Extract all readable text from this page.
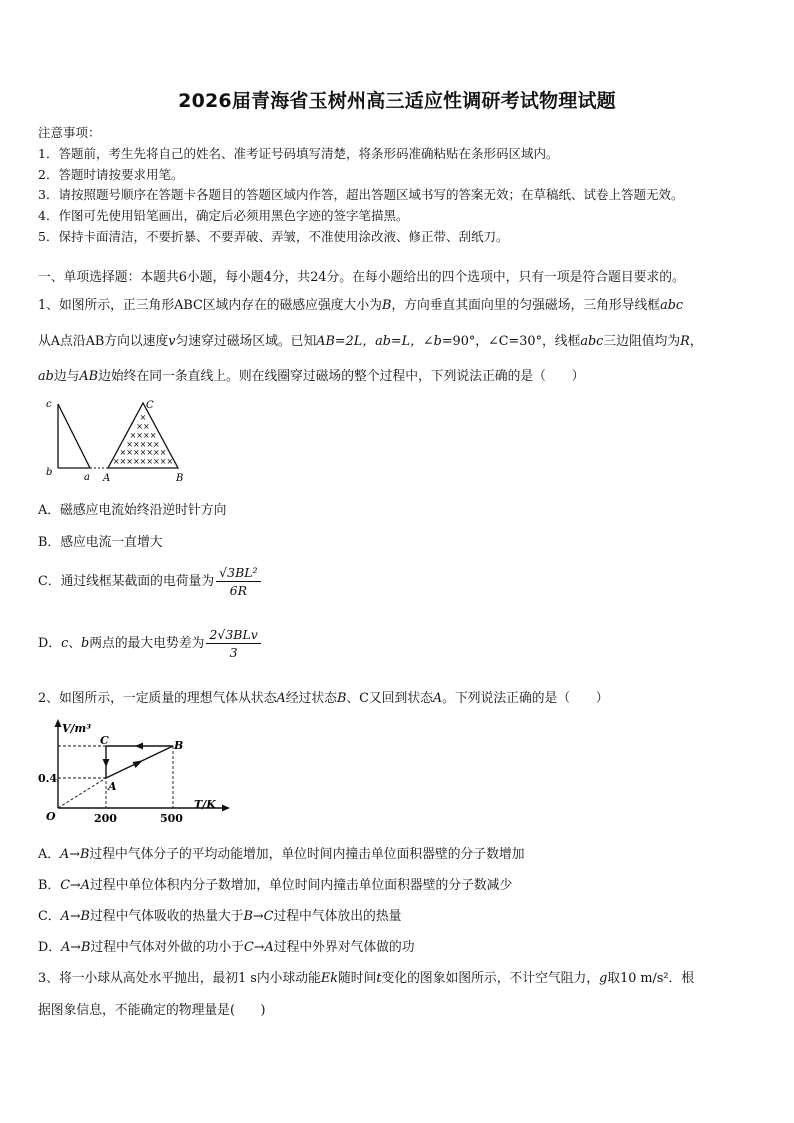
2026届青海省玉树州高三适应性调研考试物理试题
注意事项：
1．答题前，考生先将自己的姓名、准考证号码填写清楚，将条形码准确粘贴在条形码区域内。
2．答题时请按要求用笔。
3．请按照题号顺序在答题卡各题目的答题区域内作答，超出答题区域书写的答案无效；在草稿纸、试卷上答题无效。
4．作图可先使用铅笔画出，确定后必须用黑色字迹的签字笔描黑。
5．保持卡面清洁，不要折暴、不要弄破、弄皱，不准使用涂改液、修正带、刮纸刀。
一、单项选择题：本题共6小题，每小题4分，共24分。在每小题给出的四个选项中，只有一项是符合题目要求的。
1、如图所示，正三角形ABC区域内存在的磁感应强度大小为B，方向垂直其面向里的匀强磁场，三角形导线框abc
从A点沿AB方向以速度v匀速穿过磁场区域。已知AB=2L，ab=L，∠b=90°，∠C=30°，线框abc三边阻值均为R，
ab边与AB边始终在同一条直线上。则在线圈穿过磁场的整个过程中，下列说法正确的是（　　）
c
b	a A	B
C
×
××
××××
×××××
×××××××
×××××××××
A．磁感应电流始终沿逆时针方向
B．感应电流一直增大
C．通过线框某截面的电荷量为 $\frac{\text{√3BL²}}{6R}$
D．c、b两点的最大电势差为 $\frac{\text{2√3BLv}}{3}$
2、如图所示，一定质量的理想气体从状态A经过状态B、C又回到状态A。下列说法正确的是（　　）
V/m³
T/K
O
0.4
200	500
A
B
C
A．A→B过程中气体分子的平均动能增加，单位时间内撞击单位面积器壁的分子数增加
B．C→A过程中单位体积内分子数增加，单位时间内撞击单位面积器壁的分子数减少
C．A→B过程中气体吸收的热量大于B→C过程中气体放出的热量
D．A→B过程中气体对外做的功小于C→A过程中外界对气体做的功
3、将一小球从高处水平抛出，最初1 s内小球动能Ek随时间t变化的图象如图所示，不计空气阻力，g取10 m/s²．根
据图象信息，不能确定的物理量是(　　)
